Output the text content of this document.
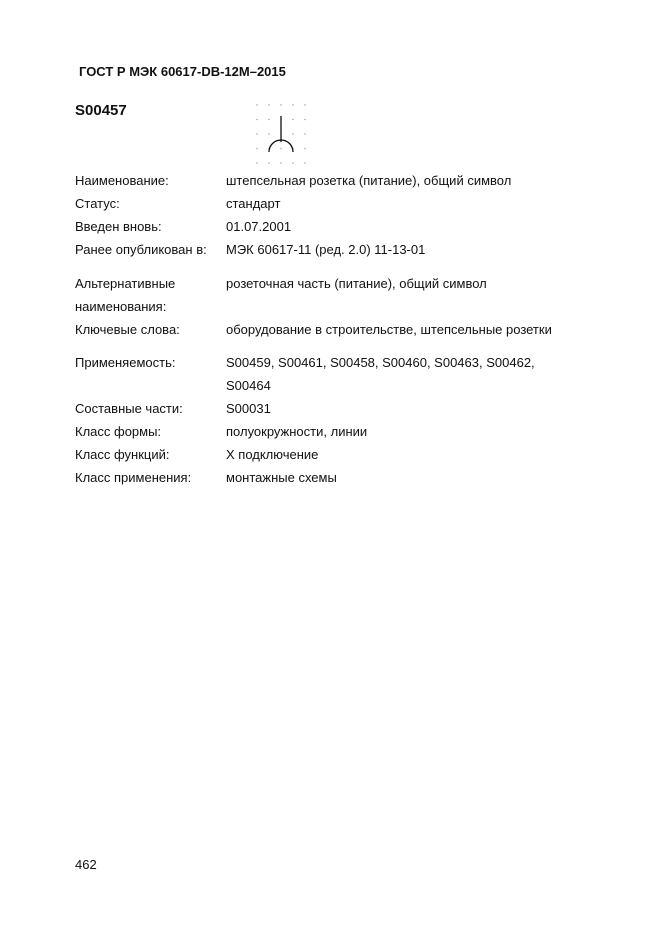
ГОСТ Р МЭК 60617-DB-12M–2015
S00457
Наименование:	штепсельная розетка (питание), общий символ
Статус:	стандарт
Введен вновь:	01.07.2001
Ранее опубликован в:	МЭК 60617-11 (ред. 2.0) 11-13-01
Альтернативные	розеточная часть (питание), общий символ
наименования:
Ключевые слова:	оборудование в строительстве, штепсельные розетки
Применяемость:	S00459, S00461, S00458, S00460, S00463, S00462,
S00464
Составные части:	S00031
Класс формы:	полуокружности, линии
Класс функций:	X подключение
Класс применения:	монтажные схемы
462
